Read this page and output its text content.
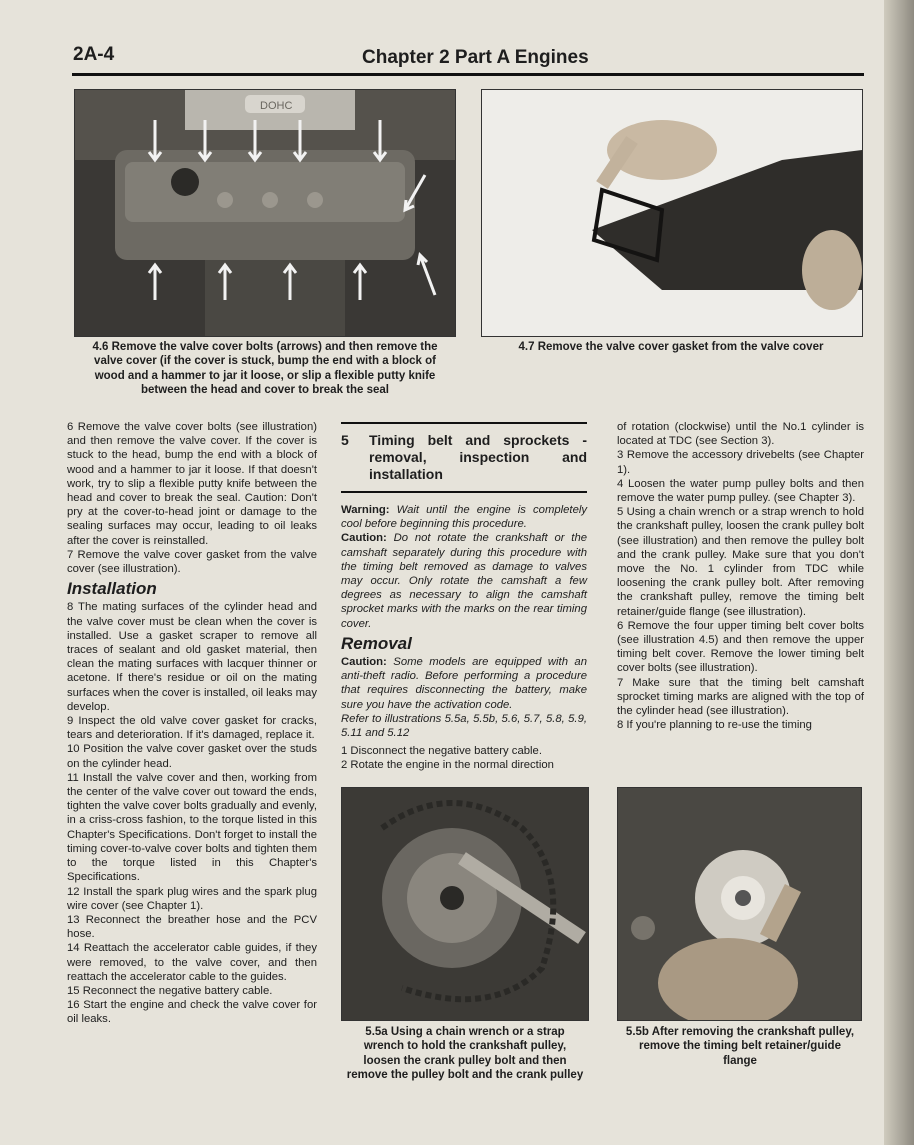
2A-4	Chapter 2 Part A Engines
DOHC
4.6 Remove the valve cover bolts (arrows) and then remove the valve cover (if the cover is stuck, bump the end with a block of wood and a hammer to jar it loose, or slip a flexible putty knife between the head and cover to break the seal
4.7 Remove the valve cover gasket from the valve cover

6 Remove the valve cover bolts (see illustration) and then remove the valve cover. If the cover is stuck to the head, bump the end with a block of wood and a hammer to jar it loose. If that doesn't work, try to slip a flexible putty knife between the head and cover to break the seal. Caution: Don't pry at the cover-to-head joint or damage to the sealing surfaces may occur, leading to oil leaks after the cover is reinstalled.

7 Remove the valve cover gasket from the valve cover (see illustration).

Installation

8 The mating surfaces of the cylinder head and the valve cover must be clean when the cover is installed. Use a gasket scraper to remove all traces of sealant and old gasket material, then clean the mating surfaces with lacquer thinner or acetone. If there's residue or oil on the mating surfaces when the cover is installed, oil leaks may develop.

9 Inspect the old valve cover gasket for cracks, tears and deterioration. If it's damaged, replace it.

10 Position the valve cover gasket over the studs on the cylinder head.

11 Install the valve cover and then, working from the center of the valve cover out toward the ends, tighten the valve cover bolts gradually and evenly, in a criss-cross fashion, to the torque listed in this Chapter's Specifications. Don't forget to install the timing cover-to-valve cover bolts and tighten them to the torque listed in this Chapter's Specifications.

12 Install the spark plug wires and the spark plug wire cover (see Chapter 1).

13 Reconnect the breather hose and the PCV hose.

14 Reattach the accelerator cable guides, if they were removed, to the valve cover, and then reattach the accelerator cable to the guides.

15 Reconnect the negative battery cable.

16 Start the engine and check the valve cover for oil leaks.

5	Timing belt and sprockets - removal, inspection and installation

Warning: Wait until the engine is completely cool before beginning this procedure.

Caution: Do not rotate the crankshaft or the camshaft separately during this procedure with the timing belt removed as damage to valves may occur. Only rotate the camshaft a few degrees as necessary to align the camshaft sprocket marks with the marks on the rear timing cover.

Removal

Caution: Some models are equipped with an anti-theft radio. Before performing a procedure that requires disconnecting the battery, make sure you have the activation code.

Refer to illustrations 5.5a, 5.5b, 5.6, 5.7, 5.8, 5.9, 5.11 and 5.12

1 Disconnect the negative battery cable.

2 Rotate the engine in the normal direction

of rotation (clockwise) until the No.1 cylinder is located at TDC (see Section 3).

3 Remove the accessory drivebelts (see Chapter 1).

4 Loosen the water pump pulley bolts and then remove the water pump pulley. (see Chapter 3).

5 Using a chain wrench or a strap wrench to hold the crankshaft pulley, loosen the crank pulley bolt (see illustration) and then remove the pulley bolt and the crank pulley. Make sure that you don't move the No. 1 cylinder from TDC while loosening the crank pulley bolt. After removing the crankshaft pulley, remove the timing belt retainer/guide flange (see illustration).

6 Remove the four upper timing belt cover bolts (see illustration 4.5) and then remove the upper timing belt cover. Remove the lower timing belt cover bolts (see illustration).

7 Make sure that the timing belt camshaft sprocket timing marks are aligned with the top of the cylinder head (see illustration).

8 If you're planning to re-use the timing

5.5a Using a chain wrench or a strap wrench to hold the crankshaft pulley, loosen the crank pulley bolt and then remove the pulley bolt and the crank pulley
5.5b After removing the crankshaft pulley, remove the timing belt retainer/guide flange
